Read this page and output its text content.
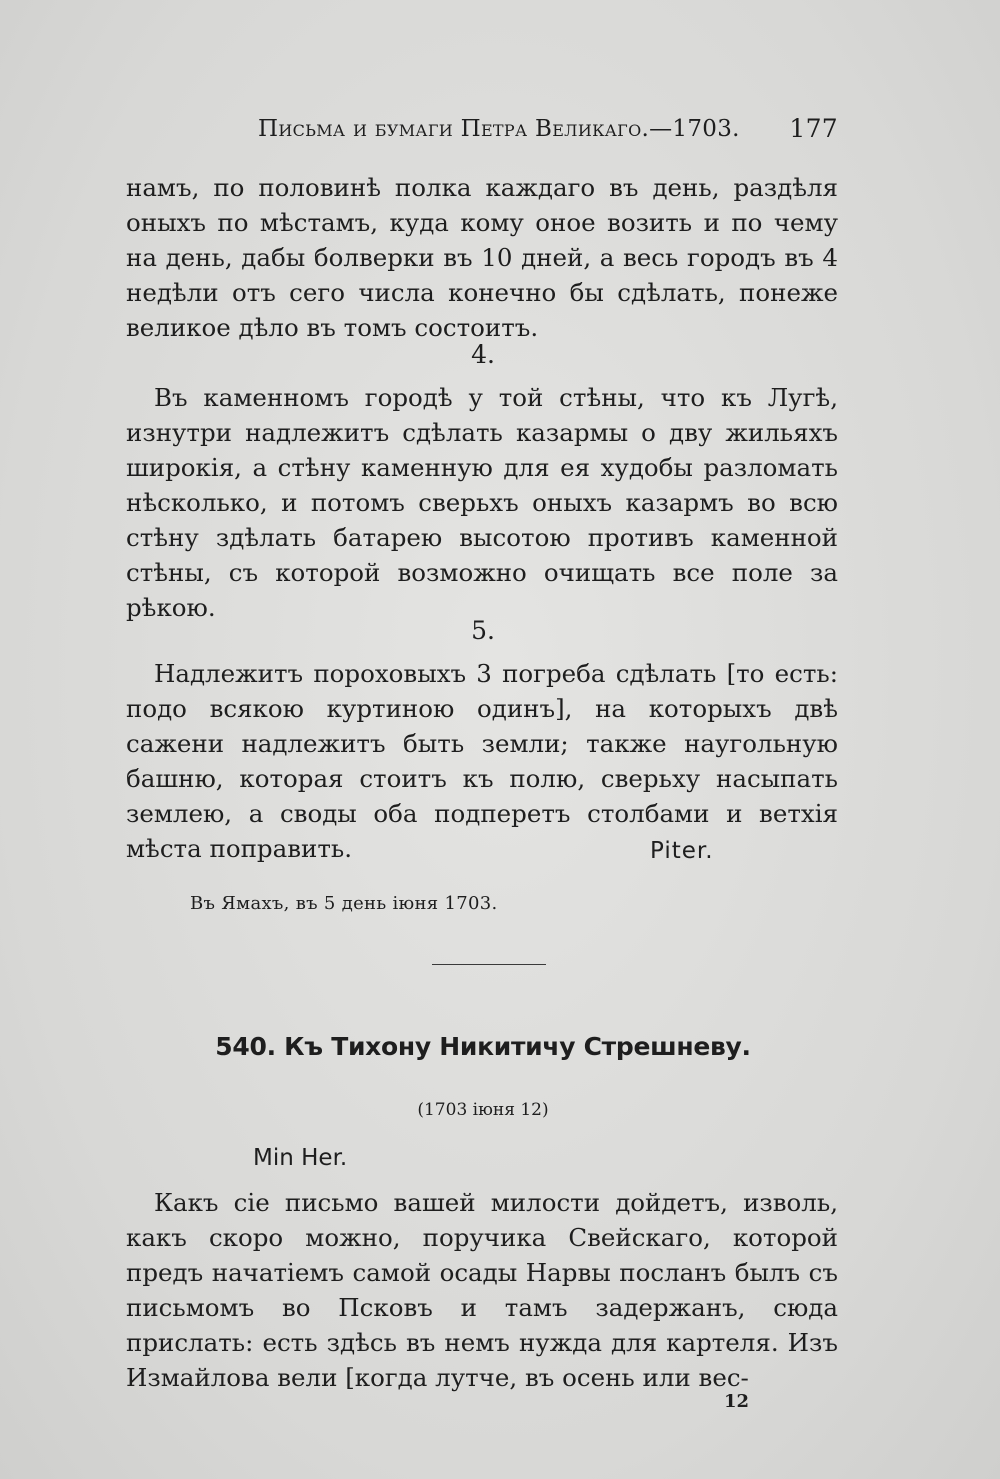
Письма и бумаги Петра Великаго.—1703. 177

намъ, по половинѣ полка каждаго въ день, раздѣля оныхъ по мѣстамъ, куда кому оное возить и по чему на день, дабы болверки въ 10 дней, а весь городъ въ 4 недѣли отъ сего числа конечно бы сдѣлать, понеже великое дѣло въ томъ состоитъ.

4.

Въ каменномъ городѣ у той стѣны, что къ Лугѣ, изнутри надлежитъ сдѣлать казармы о дву жильяхъ широкія, а стѣну каменную для ея худобы разломать нѣсколько, и потомъ сверьхъ оныхъ казармъ во всю стѣну здѣлать батарею высотою противъ каменной стѣны, съ которой возможно очищать все поле за рѣкою.

5.

Надлежитъ пороховыхъ 3 погреба сдѣлать [то есть: подо всякою куртиною одинъ], на которыхъ двѣ сажени надлежитъ быть земли; также наугольную башню, которая стоитъ къ полю, сверьху насыпать землею, а своды оба подперетъ столбами и ветхія мѣста поправить.	Piter.
Въ Ямахъ, въ 5 день іюня 1703.
540. Къ Тихону Никитичу Стрешневу.
(1703 іюня 12)
Min Her.

Какъ сіе письмо вашей милости дойдетъ, изволь, какъ скоро можно, поручика Свейскаго, которой предъ начатіемъ самой осады Нарвы посланъ былъ съ письмомъ во Псковъ и тамъ задержанъ, сюда прислать: есть здѣсь въ немъ нужда для картеля. Изъ Измайлова вели [когда лутче, въ осень или вес-

12
